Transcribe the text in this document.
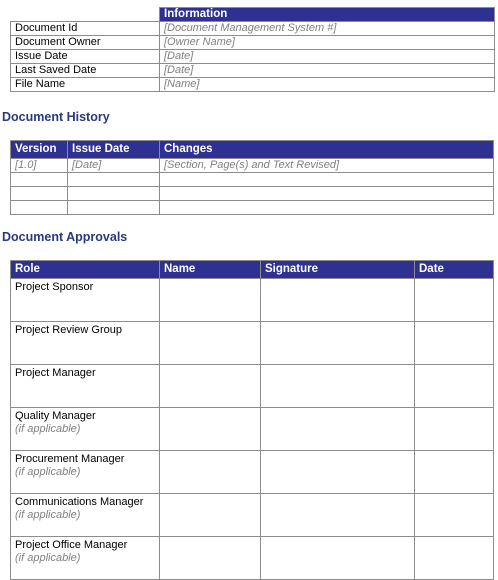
	Information
Document Id	[Document Management System #]
Document Owner	[Owner Name]
Issue Date	[Date]
Last Saved Date	[Date]
File Name	[Name]
Document History
Version	Issue Date	Changes
[1.0]	[Date]	[Section, Page(s) and Text Revised]

Document Approvals
Role	Name	Signature	Date
Project Sponsor

Project Review Group

Project Manager

Quality Manager
(if applicable)			

Procurement Manager
(if applicable)			

Communications Manager
(if applicable)			

Project Office Manager
(if applicable)			
